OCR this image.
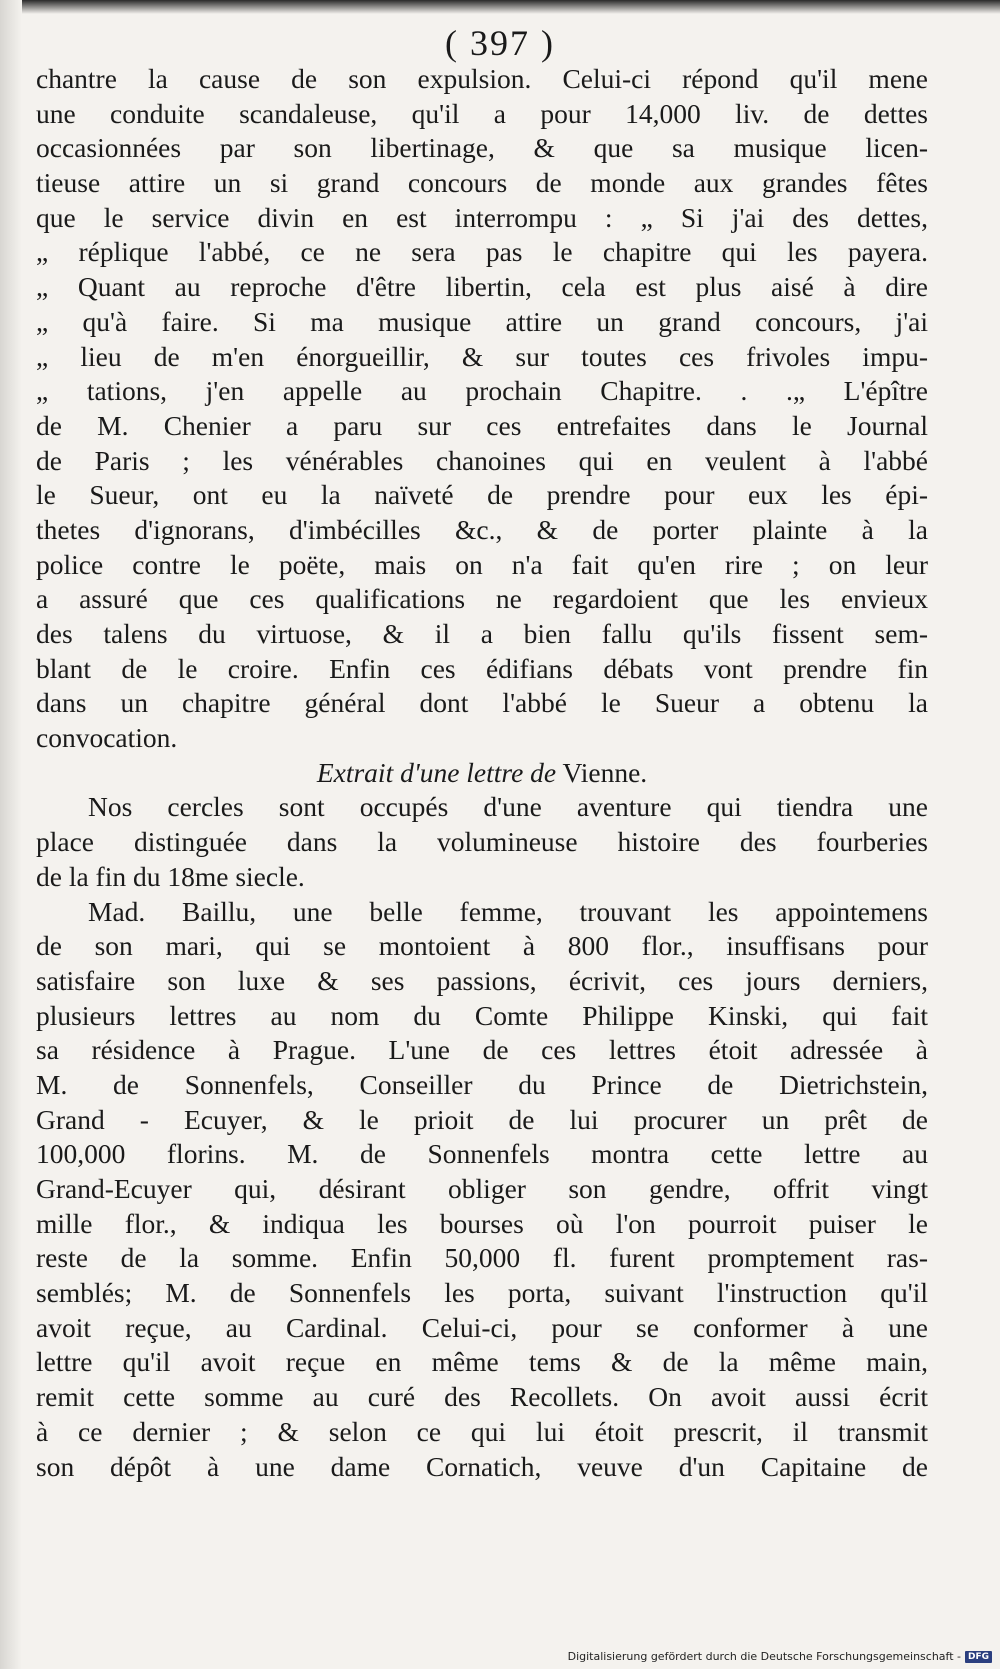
( 397 )
chantre la cause de son expulsion. Celui-ci répond qu'il mene
une conduite scandaleuse, qu'il a pour 14,000 liv. de dettes
occasionnées par son libertinage, & que sa musique licen-
tieuse attire un si grand concours de monde aux grandes fêtes
que le service divin en est interrompu : „ Si j'ai des dettes,
„ réplique l'abbé, ce ne sera pas le chapitre qui les payera.
„ Quant au reproche d'être libertin, cela est plus aisé à dire
„ qu'à faire. Si ma musique attire un grand concours, j'ai
„ lieu de m'en énorgueillir, & sur toutes ces frivoles impu-
„ tations, j'en appelle au prochain Chapitre. . .„ L'épître
de M. Chenier a paru sur ces entrefaites dans le Journal
de Paris ; les vénérables chanoines qui en veulent à l'abbé
le Sueur, ont eu la naïveté de prendre pour eux les épi-
thetes d'ignorans, d'imbécilles &c., & de porter plainte à la
police contre le poëte, mais on n'a fait qu'en rire ; on leur
a assuré que ces qualifications ne regardoient que les envieux
des talens du virtuose, & il a bien fallu qu'ils fissent sem-
blant de le croire. Enfin ces édifians débats vont prendre fin
dans un chapitre général dont l'abbé le Sueur a obtenu la
convocation.
Extrait d'une lettre de Vienne.
Nos cercles sont occupés d'une aventure qui tiendra une
place distinguée dans la volumineuse histoire des fourberies
de la fin du 18me siecle.
Mad. Baillu, une belle femme, trouvant les appointemens
de son mari, qui se montoient à 800 flor., insuffisans pour
satisfaire son luxe & ses passions, écrivit, ces jours derniers,
plusieurs lettres au nom du Comte Philippe Kinski, qui fait
sa résidence à Prague. L'une de ces lettres étoit adressée à
M. de Sonnenfels, Conseiller du Prince de Dietrichstein,
Grand - Ecuyer, & le prioit de lui procurer un prêt de
100,000 florins. M. de Sonnenfels montra cette lettre au
Grand-Ecuyer qui, désirant obliger son gendre, offrit vingt
mille flor., & indiqua les bourses où l'on pourroit puiser le
reste de la somme. Enfin 50,000 fl. furent promptement ras-
semblés; M. de Sonnenfels les porta, suivant l'instruction qu'il
avoit reçue, au Cardinal. Celui-ci, pour se conformer à une
lettre qu'il avoit reçue en même tems & de la même main,
remit cette somme au curé des Recollets. On avoit aussi écrit
à ce dernier ; & selon ce qui lui étoit prescrit, il transmit
son dépôt à une dame Cornatich, veuve d'un Capitaine de
Digitalisierung gefördert durch die Deutsche Forschungsgemeinschaft - DFG
